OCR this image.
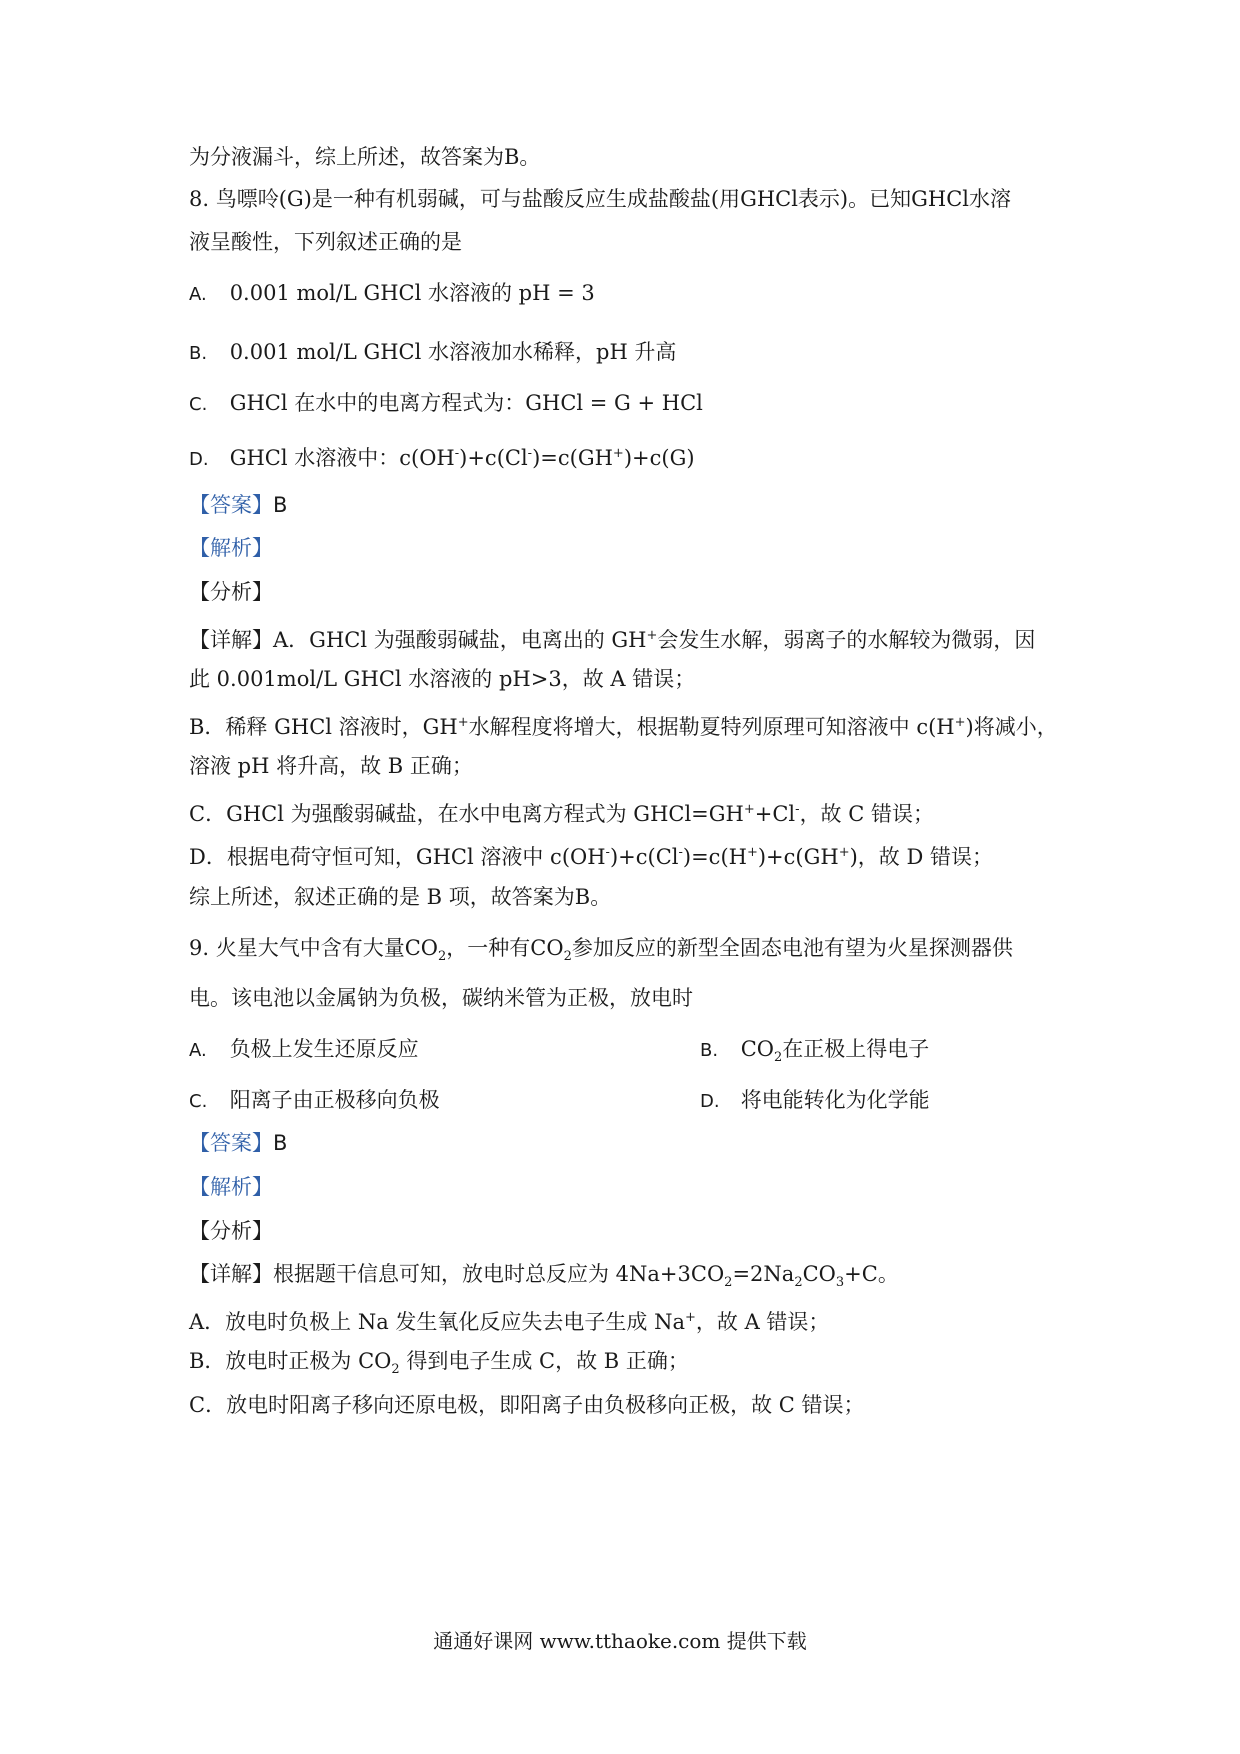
为分液漏斗，综上所述，故答案为B。
8. 鸟嘌呤(G)是一种有机弱碱，可与盐酸反应生成盐酸盐(用GHCl表示)。已知GHCl水溶
液呈酸性，下列叙述正确的是
A. 0.001 mol/L GHCl 水溶液的 pH = 3
B. 0.001 mol/L GHCl 水溶液加水稀释，pH 升高
C. GHCl 在水中的电离方程式为：GHCl = G + HCl
D. GHCl 水溶液中：c(OH-)+c(Cl-)=c(GH+)+c(G)
【答案】B
【解析】
【分析】
【详解】A．GHCl 为强酸弱碱盐，电离出的 GH+会发生水解，弱离子的水解较为微弱，因
此 0.001mol/L GHCl 水溶液的 pH>3，故 A 错误；
B．稀释 GHCl 溶液时，GH+水解程度将增大，根据勒夏特列原理可知溶液中 c(H+)将减小，
溶液 pH 将升高，故 B 正确；
C．GHCl 为强酸弱碱盐，在水中电离方程式为 GHCl=GH++Cl-，故 C 错误；
D．根据电荷守恒可知，GHCl 溶液中 c(OH-)+c(Cl-)=c(H+)+c(GH+)，故 D 错误；
综上所述，叙述正确的是 B 项，故答案为B。
9. 火星大气中含有大量$CO_2$，一种有$CO_2$参加反应的新型全固态电池有望为火星探测器供
电。该电池以金属钠为负极，碳纳米管为正极，放电时
A. 负极上发生还原反应	B. $CO_2$在正极上得电子
C. 阳离子由正极移向负极	D. 将电能转化为化学能
【答案】B
【解析】
【分析】
【详解】根据题干信息可知，放电时总反应为 $4Na+3CO_2=2Na_2CO_3+C$。
A．放电时负极上 Na 发生氧化反应失去电子生成 Na+，故 A 错误；
B．放电时正极为 $CO_2$ 得到电子生成 C，故 B 正确；
C．放电时阳离子移向还原电极，即阳离子由负极移向正极，故 C 错误；
通通好课网 www.tthaoke.com 提供下载
